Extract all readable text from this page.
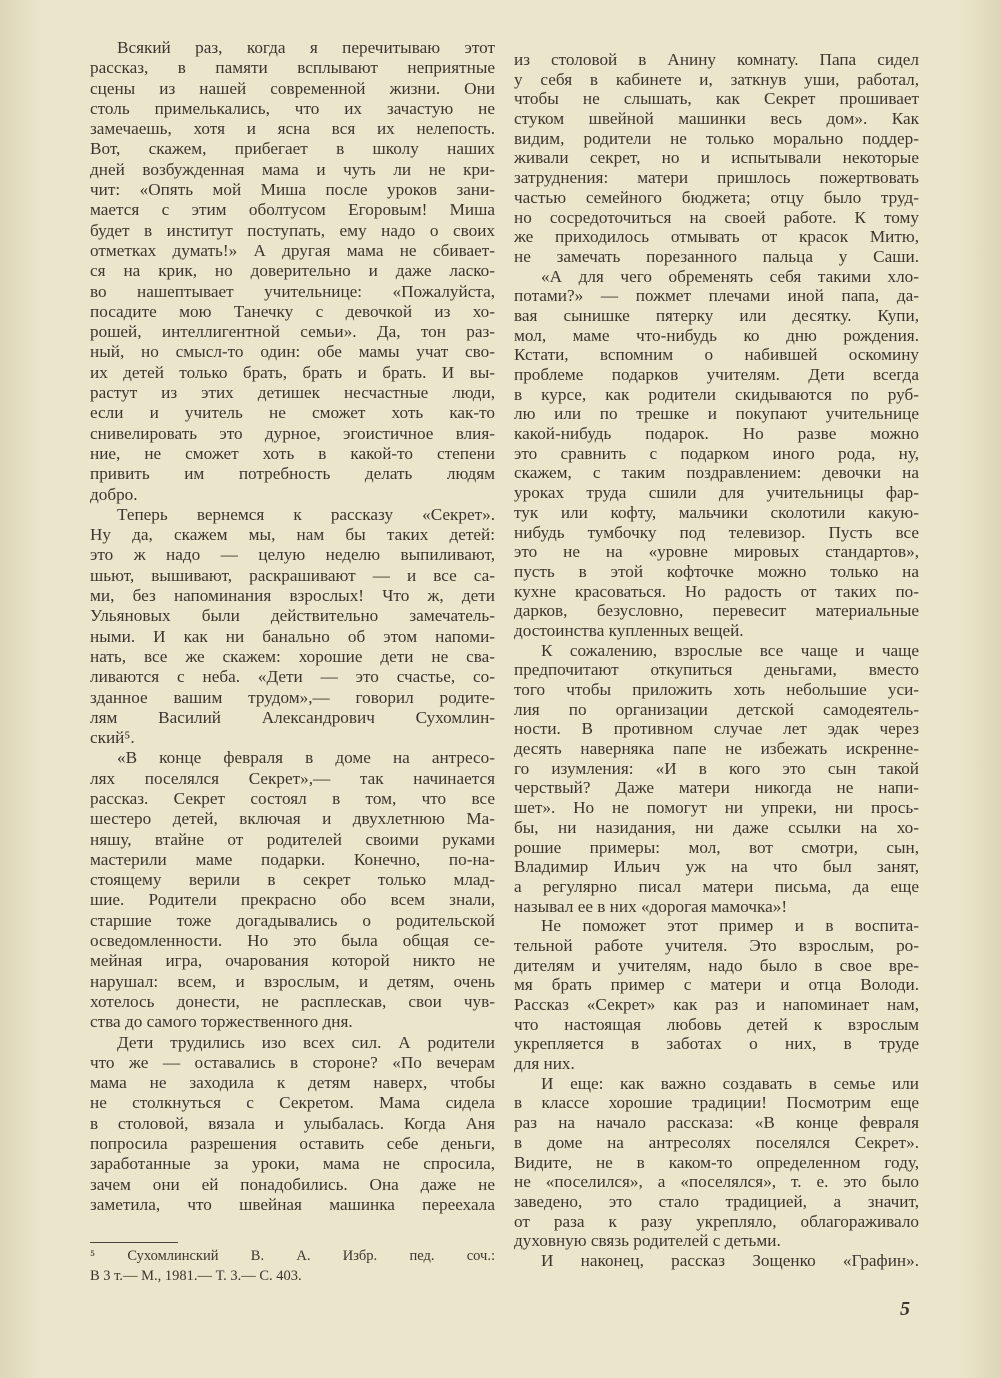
Всякий раз, когда я перечитываю этот
рассказ, в памяти всплывают неприятные
сцены из нашей современной жизни. Они
столь примелькались, что их зачастую не
замечаешь, хотя и ясна вся их нелепость.
Вот, скажем, прибегает в школу наших
дней возбужденная мама и чуть ли не кри-
чит: «Опять мой Миша после уроков зани-
мается с этим оболтусом Егоровым! Миша
будет в институт поступать, ему надо о своих
отметках думать!» А другая мама не сбивает-
ся на крик, но доверительно и даже ласко-
во нашептывает учительнице: «Пожалуйста,
посадите мою Танечку с девочкой из хо-
рошей, интеллигентной семьи». Да, тон раз-
ный, но смысл-то один: обе мамы учат сво-
их детей только брать, брать и брать. И вы-
растут из этих детишек несчастные люди,
если и учитель не сможет хоть как-то
снивелировать это дурное, эгоистичное влия-
ние, не сможет хоть в какой-то степени
привить им потребность делать людям
добро.
Теперь вернемся к рассказу «Секрет».
Ну да, скажем мы, нам бы таких детей:
это ж надо — целую неделю выпиливают,
шьют, вышивают, раскрашивают — и все са-
ми, без напоминания взрослых! Что ж, дети
Ульяновых были действительно замечатель-
ными. И как ни банально об этом напоми-
нать, все же скажем: хорошие дети не сва-
ливаются с неба. «Дети — это счастье, со-
зданное вашим трудом»,— говорил родите-
лям Василий Александрович Сухомлин-
ский⁵.
«В конце февраля в доме на антресо-
лях поселялся Секрет»,— так начинается
рассказ. Секрет состоял в том, что все
шестеро детей, включая и двухлетнюю Ма-
няшу, втайне от родителей своими руками
мастерили маме подарки. Конечно, по-на-
стоящему верили в секрет только млад-
шие. Родители прекрасно обо всем знали,
старшие тоже догадывались о родительской
осведомленности. Но это была общая се-
мейная игра, очарования которой никто не
нарушал: всем, и взрослым, и детям, очень
хотелось донести, не расплескав, свои чув-
ства до самого торжественного дня.
Дети трудились изо всех сил. А родители
что же — оставались в стороне? «По вечерам
мама не заходила к детям наверх, чтобы
не столкнуться с Секретом. Мама сидела
в столовой, вязала и улыбалась. Когда Аня
попросила разрешения оставить себе деньги,
заработанные за уроки, мама не спросила,
зачем они ей понадобились. Она даже не
заметила, что швейная машинка переехала
из столовой в Анину комнату. Папа сидел
у себя в кабинете и, заткнув уши, работал,
чтобы не слышать, как Секрет прошивает
стуком швейной машинки весь дом». Как
видим, родители не только морально поддер-
живали секрет, но и испытывали некоторые
затруднения: матери пришлось пожертвовать
частью семейного бюджета; отцу было труд-
но сосредоточиться на своей работе. К тому
же приходилось отмывать от красок Митю,
не замечать порезанного пальца у Саши.
«А для чего обременять себя такими хло-
потами?» — пожмет плечами иной папа, да-
вая сынишке пятерку или десятку. Купи,
мол, маме что-нибудь ко дню рождения.
Кстати, вспомним о набившей оскомину
проблеме подарков учителям. Дети всегда
в курсе, как родители скидываются по руб-
лю или по трешке и покупают учительнице
какой-нибудь подарок. Но разве можно
это сравнить с подарком иного рода, ну,
скажем, с таким поздравлением: девочки на
уроках труда сшили для учительницы фар-
тук или кофту, мальчики сколотили какую-
нибудь тумбочку под телевизор. Пусть все
это не на «уровне мировых стандартов»,
пусть в этой кофточке можно только на
кухне красоваться. Но радость от таких по-
дарков, безусловно, перевесит материальные
достоинства купленных вещей.
К сожалению, взрослые все чаще и чаще
предпочитают откупиться деньгами, вместо
того чтобы приложить хоть небольшие уси-
лия по организации детской самодеятель-
ности. В противном случае лет эдак через
десять наверняка папе не избежать искренне-
го изумления: «И в кого это сын такой
черствый? Даже матери никогда не напи-
шет». Но не помогут ни упреки, ни прось-
бы, ни назидания, ни даже ссылки на хо-
рошие примеры: мол, вот смотри, сын,
Владимир Ильич уж на что был занят,
а регулярно писал матери письма, да еще
называл ее в них «дорогая мамочка»!
Не поможет этот пример и в воспита-
тельной работе учителя. Это взрослым, ро-
дителям и учителям, надо было в свое вре-
мя брать пример с матери и отца Володи.
Рассказ «Секрет» как раз и напоминает нам,
что настоящая любовь детей к взрослым
укрепляется в заботах о них, в труде
для них.
И еще: как важно создавать в семье или
в классе хорошие традиции! Посмотрим еще
раз на начало рассказа: «В конце февраля
в доме на антресолях поселялся Секрет».
Видите, не в каком-то определенном году,
не «поселился», а «поселялся», т. е. это было
заведено, это стало традицией, а значит,
от раза к разу укрепляло, облагораживало
духовную связь родителей с детьми.
И наконец, рассказ Зощенко «Графин».
⁵ Сухомлинский В. А. Избр. пед. соч.:
В 3 т.— М., 1981.— Т. 3.— С. 403.
5
